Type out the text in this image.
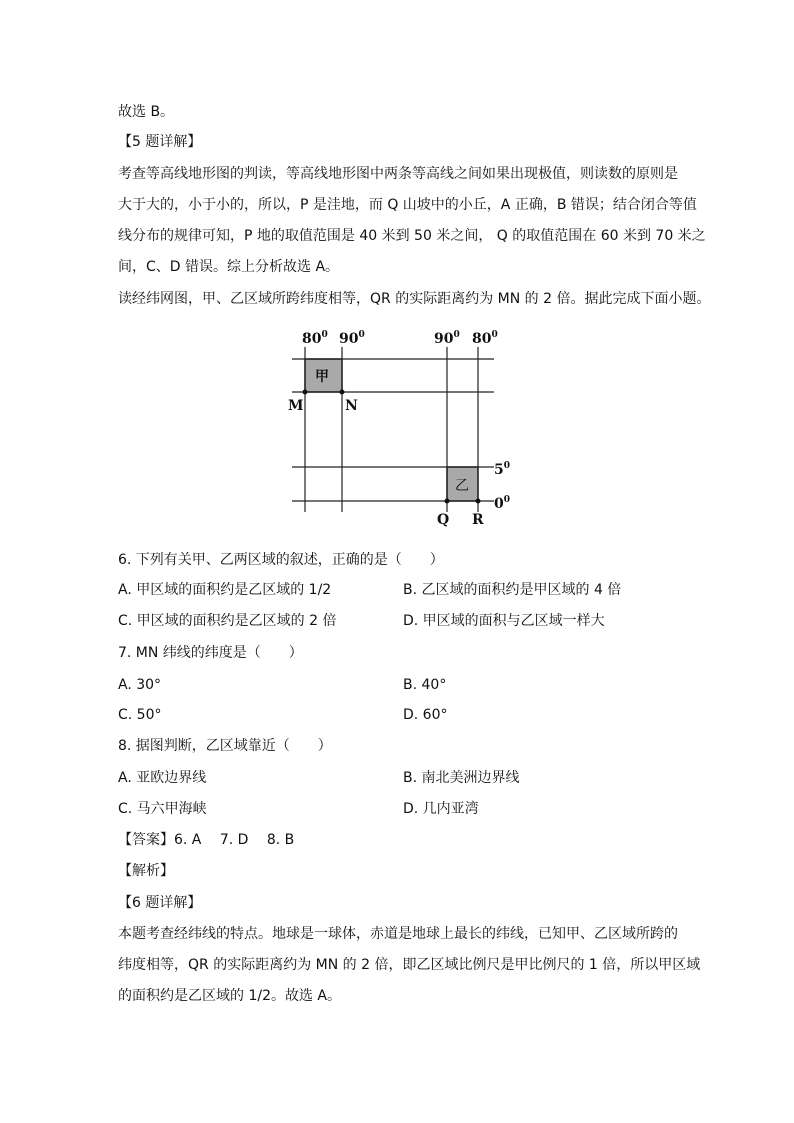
故选 B。
【5 题详解】
考查等高线地形图的判读，等高线地形图中两条等高线之间如果出现极值，则读数的原则是
大于大的，小于小的，所以，P 是洼地，而 Q 山坡中的小丘，A 正确，B 错误；结合闭合等值
线分布的规律可知，P 地的取值范围是 40 米到 50 米之间， Q 的取值范围在 60 米到 70 米之
间，C、D 错误。综上分析故选 A。
读经纬网图，甲、乙区域所跨纬度相等，QR 的实际距离约为 MN 的 2 倍。据此完成下面小题。
$80^0$ $90^0$	$90^0$ $80^0$
$5^0$
$0^0$
M	N
Q R
甲
乙
6. 下列有关甲、乙两区域的叙述，正确的是（　　）
A. 甲区域的面积约是乙区域的 1/2	B. 乙区域的面积约是甲区域的 4 倍
C. 甲区域的面积约是乙区域的 2 倍	D. 甲区域的面积与乙区域一样大
7. MN 纬线的纬度是（　　）
A. 30°	B. 40°
C. 50°	D. 60°
8. 据图判断，乙区域靠近（　　）
A. 亚欧边界线	B. 南北美洲边界线
C. 马六甲海峡	D. 几内亚湾
【答案】6. A　 7. D　 8. B
【解析】
【6 题详解】
本题考查经纬线的特点。地球是一球体，赤道是地球上最长的纬线，已知甲、乙区域所跨的
纬度相等，QR 的实际距离约为 MN 的 2 倍，即乙区域比例尺是甲比例尺的 1 倍，所以甲区域
的面积约是乙区域的 1/2。故选 A。
